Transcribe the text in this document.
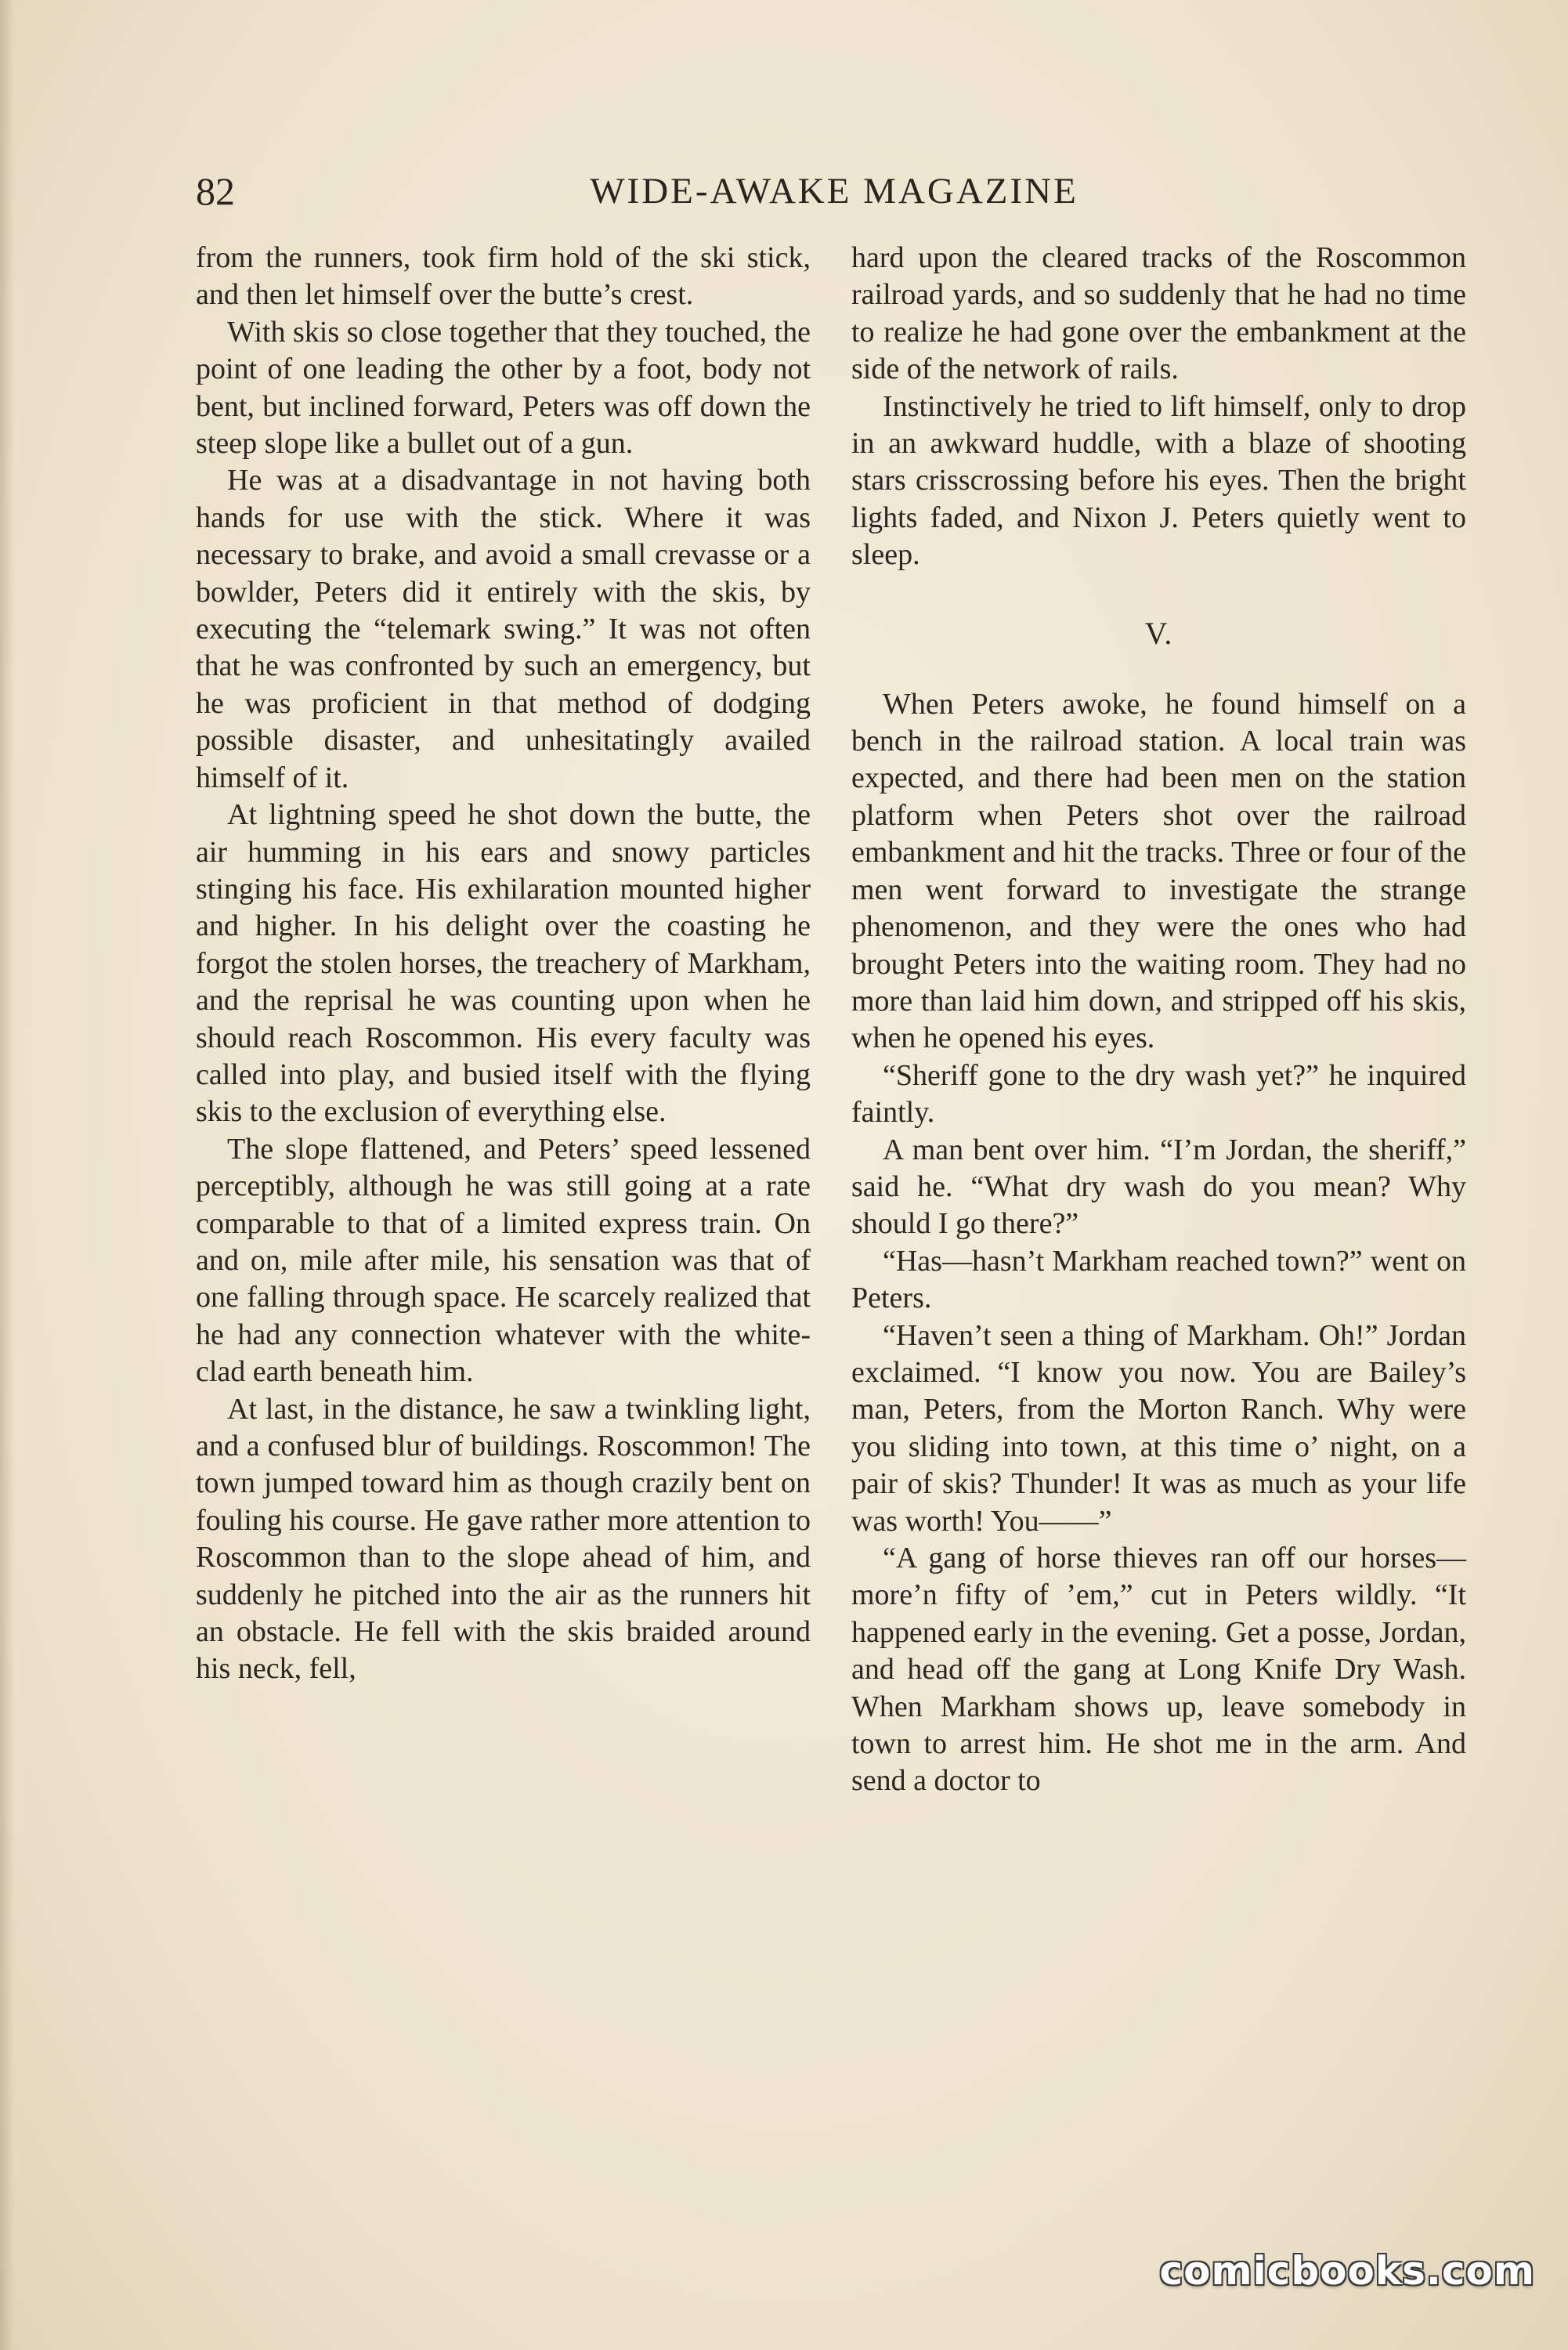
82	WIDE-AWAKE MAGAZINE

from the runners, took firm hold of the ski stick, and then let himself over the butte’s crest.

With skis so close together that they touched, the point of one leading the other by a foot, body not bent, but inclined forward, Peters was off down the steep slope like a bullet out of a gun.

He was at a disadvantage in not having both hands for use with the stick. Where it was necessary to brake, and avoid a small crevasse or a bowlder, Peters did it entirely with the skis, by executing the “telemark swing.” It was not often that he was confronted by such an emergency, but he was proficient in that method of dodging possible disaster, and unhesitatingly availed himself of it.

At lightning speed he shot down the butte, the air humming in his ears and snowy particles stinging his face. His exhilaration mounted higher and higher. In his delight over the coasting he forgot the stolen horses, the treachery of Markham, and the reprisal he was counting upon when he should reach Roscommon. His every faculty was called into play, and busied itself with the flying skis to the exclusion of everything else.

The slope flattened, and Peters’ speed lessened perceptibly, although he was still going at a rate comparable to that of a limited express train. On and on, mile after mile, his sensation was that of one falling through space. He scarcely realized that he had any connection whatever with the white-clad earth beneath him.

At last, in the distance, he saw a twinkling light, and a confused blur of buildings. Roscommon! The town jumped toward him as though crazily bent on fouling his course. He gave rather more attention to Roscommon than to the slope ahead of him, and suddenly he pitched into the air as the runners hit an obstacle. He fell with the skis braided around his neck, fell,

hard upon the cleared tracks of the Roscommon railroad yards, and so suddenly that he had no time to realize he had gone over the embankment at the side of the network of rails.

Instinctively he tried to lift himself, only to drop in an awkward huddle, with a blaze of shooting stars crisscrossing before his eyes. Then the bright lights faded, and Nixon J. Peters quietly went to sleep.

V.

When Peters awoke, he found himself on a bench in the railroad station. A local train was expected, and there had been men on the station platform when Peters shot over the railroad embankment and hit the tracks. Three or four of the men went forward to investigate the strange phenomenon, and they were the ones who had brought Peters into the waiting room. They had no more than laid him down, and stripped off his skis, when he opened his eyes.

“Sheriff gone to the dry wash yet?” he inquired faintly.

A man bent over him. “I’m Jordan, the sheriff,” said he. “What dry wash do you mean? Why should I go there?”

“Has—hasn’t Markham reached town?” went on Peters.

“Haven’t seen a thing of Markham. Oh!” Jordan exclaimed. “I know you now. You are Bailey’s man, Peters, from the Morton Ranch. Why were you sliding into town, at this time o’ night, on a pair of skis? Thunder! It was as much as your life was worth! You——”

“A gang of horse thieves ran off our horses—more’n fifty of ’em,” cut in Peters wildly. “It happened early in the evening. Get a posse, Jordan, and head off the gang at Long Knife Dry Wash. When Markham shows up, leave somebody in town to arrest him. He shot me in the arm. And send a doctor to

comicbooks.com
